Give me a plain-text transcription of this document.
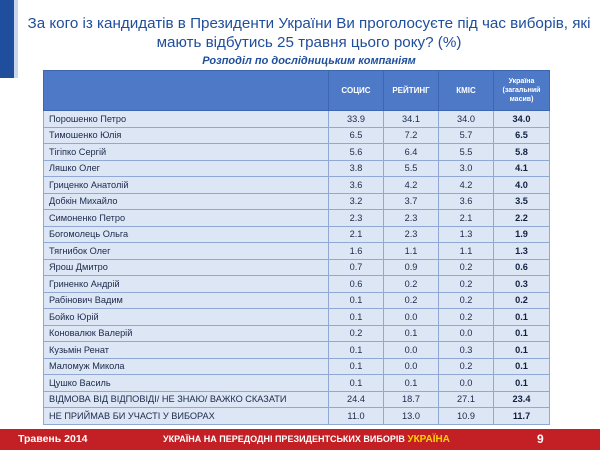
За кого із кандидатів в Президенти України Ви проголосуєте під час виборів, які мають відбутись 25 травня цього року? (%)
Розподіл по дослідницьким компаніям
	СОЦИС	РЕЙТИНГ	КМІС	Україна (загальний масив)
Порошенко Петро	33.9	34.1	34.0	34.0
Тимошенко Юлія	6.5	7.2	5.7	6.5
Тігіпко Сергій	5.6	6.4	5.5	5.8
Ляшко Олег	3.8	5.5	3.0	4.1
Гриценко Анатолій	3.6	4.2	4.2	4.0
Добкін Михайло	3.2	3.7	3.6	3.5
Симоненко Петро	2.3	2.3	2.1	2.2
Богомолець Ольга	2.1	2.3	1.3	1.9
Тягнибок Олег	1.6	1.1	1.1	1.3
Ярош Дмитро	0.7	0.9	0.2	0.6
Гриненко Андрій	0.6	0.2	0.2	0.3
Рабінович Вадим	0.1	0.2	0.2	0.2
Бойко Юрій	0.1	0.0	0.2	0.1
Коновалюк Валерій	0.2	0.1	0.0	0.1
Кузьмін Ренат	0.1	0.0	0.3	0.1
Маломуж Микола	0.1	0.0	0.2	0.1
Цушко Василь	0.1	0.1	0.0	0.1
ВІДМОВА ВІД ВІДПОВІДІ/ НЕ ЗНАЮ/ ВАЖКО СКАЗАТИ	24.4	18.7	27.1	23.4
НЕ ПРИЙМАВ БИ УЧАСТІ У ВИБОРАХ	11.0	13.0	10.9	11.7
Травень 2014	УКРАЇНА НА ПЕРЕДОДНІ ПРЕЗИДЕНТСЬКИХ ВИБОРІВ УКРАЇНА	9
